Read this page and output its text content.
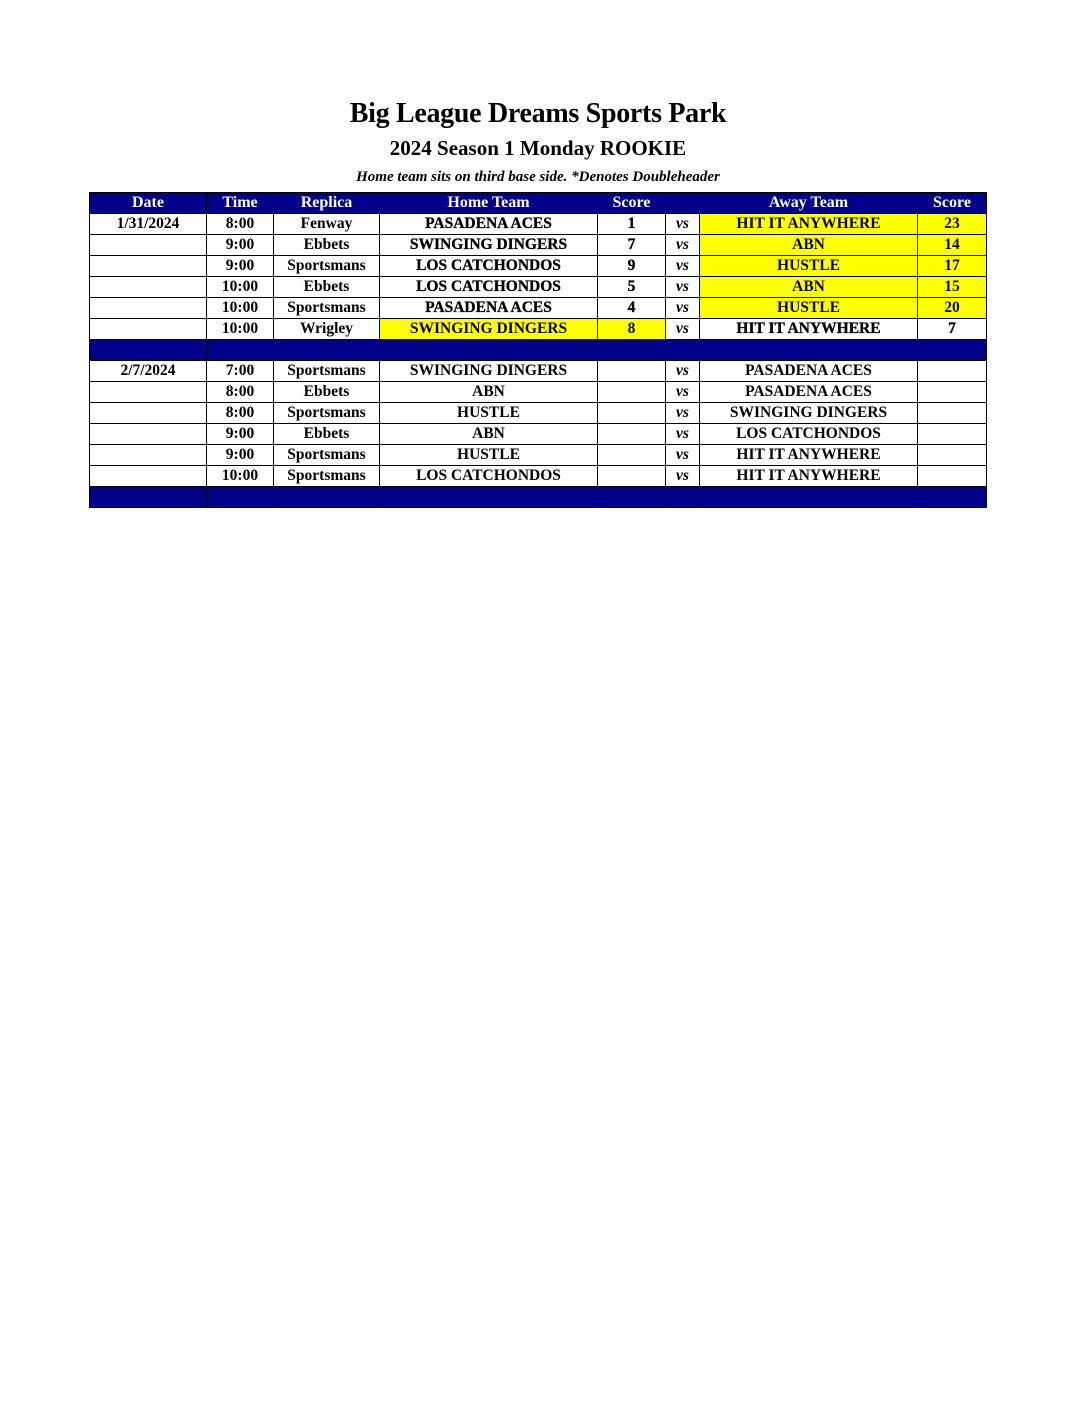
Big League Dreams Sports Park
2024 Season 1 Monday ROOKIE
Home team sits on third base side. *Denotes Doubleheader
Date	Time	Replica	Home Team	Score		Away Team	Score
1/31/2024	8:00	Fenway	PASADENA ACES	1	vs	HIT IT ANYWHERE	23
	9:00	Ebbets	SWINGING DINGERS	7	vs	ABN	14
	9:00	Sportsmans	LOS CATCHONDOS	9	vs	HUSTLE	17
	10:00	Ebbets	LOS CATCHONDOS	5	vs	ABN	15
	10:00	Sportsmans	PASADENA ACES	4	vs	HUSTLE	20
	10:00	Wrigley	SWINGING DINGERS	8	vs	HIT IT ANYWHERE	7

2/7/2024	7:00	Sportsmans	SWINGING DINGERS		vs	PASADENA ACES	
	8:00	Ebbets	ABN		vs	PASADENA ACES	
	8:00	Sportsmans	HUSTLE		vs	SWINGING DINGERS	
	9:00	Ebbets	ABN		vs	LOS CATCHONDOS	
	9:00	Sportsmans	HUSTLE		vs	HIT IT ANYWHERE	
	10:00	Sportsmans	LOS CATCHONDOS		vs	HIT IT ANYWHERE	
